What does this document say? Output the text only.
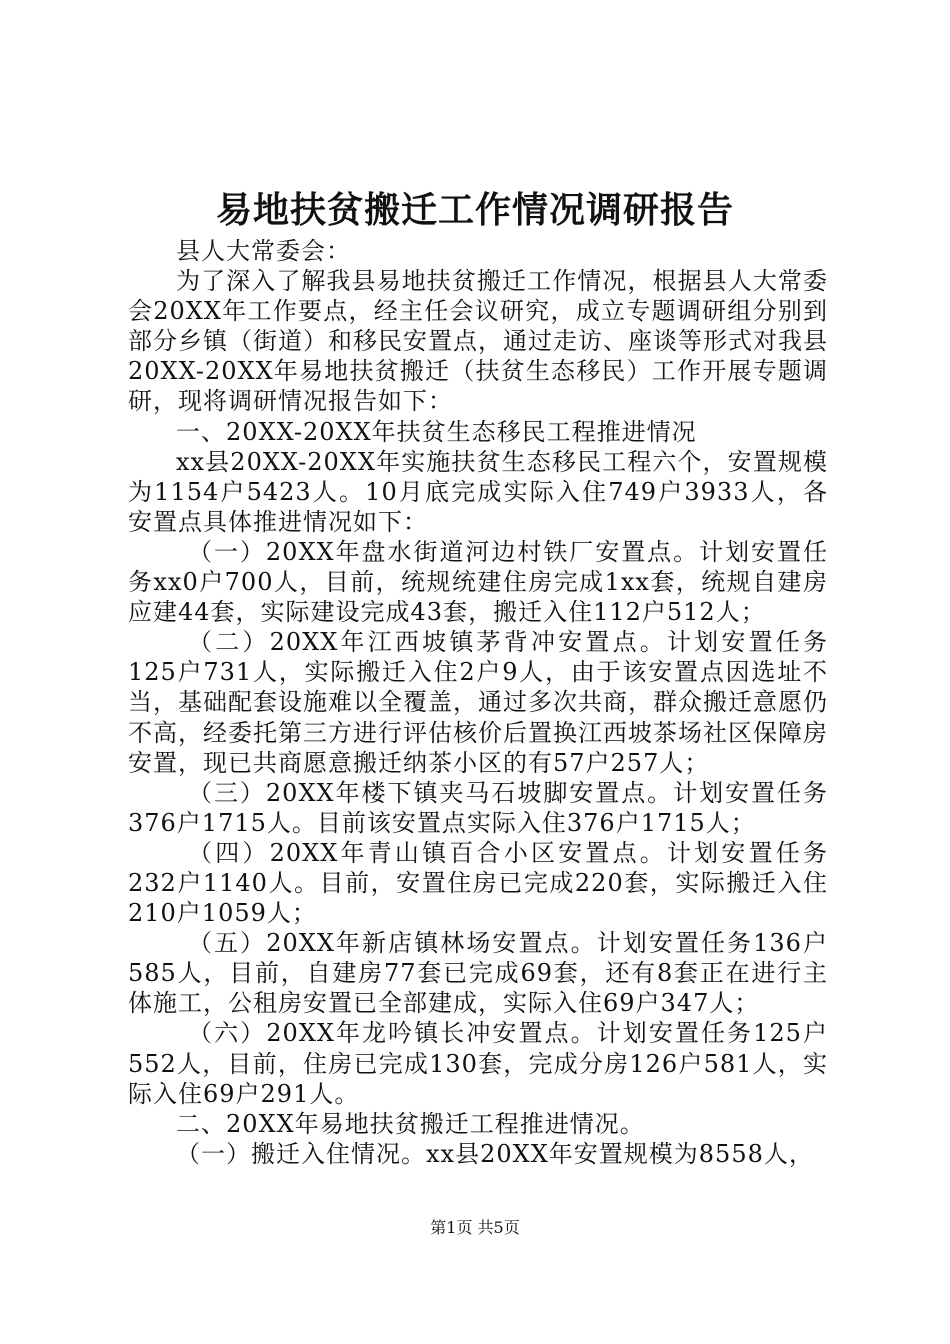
易地扶贫搬迁工作情况调研报告

县人大常委会：

为了深入了解我县易地扶贫搬迁工作情况，根据县人大常委会20XX年工作要点，经主任会议研究，成立专题调研组分别到部分乡镇（街道）和移民安置点，通过走访、座谈等形式对我县20XX-20XX年易地扶贫搬迁（扶贫生态移民）工作开展专题调研，现将调研情况报告如下：

一、20XX-20XX年扶贫生态移民工程推进情况

xx县20XX-20XX年实施扶贫生态移民工程六个，安置规模为1154户5423人。10月底完成实际入住749户3933人，各安置点具体推进情况如下：

（一）20XX年盘水街道河边村铁厂安置点。计划安置任务xx0户700人，目前，统规统建住房完成1xx套，统规自建房应建44套，实际建设完成43套，搬迁入住112户512人；

（二）20XX年江西坡镇茅背冲安置点。计划安置任务125户731人，实际搬迁入住2户9人，由于该安置点因选址不当，基础配套设施难以全覆盖，通过多次共商，群众搬迁意愿仍不高，经委托第三方进行评估核价后置换江西坡茶场社区保障房安置，现已共商愿意搬迁纳茶小区的有57户257人；

（三）20XX年楼下镇夹马石坡脚安置点。计划安置任务376户1715人。目前该安置点实际入住376户1715人；

（四）20XX年青山镇百合小区安置点。计划安置任务232户1140人。目前，安置住房已完成220套，实际搬迁入住210户1059人；

（五）20XX年新店镇林场安置点。计划安置任务136户585人，目前，自建房77套已完成69套，还有8套正在进行主体施工，公租房安置已全部建成，实际入住69户347人；

（六）20XX年龙吟镇长冲安置点。计划安置任务125户552人，目前，住房已完成130套，完成分房126户581人，实际入住69户291人。

二、20XX年易地扶贫搬迁工程推进情况。

（一）搬迁入住情况。xx县20XX年安置规模为8558人，

第1页 共5页
